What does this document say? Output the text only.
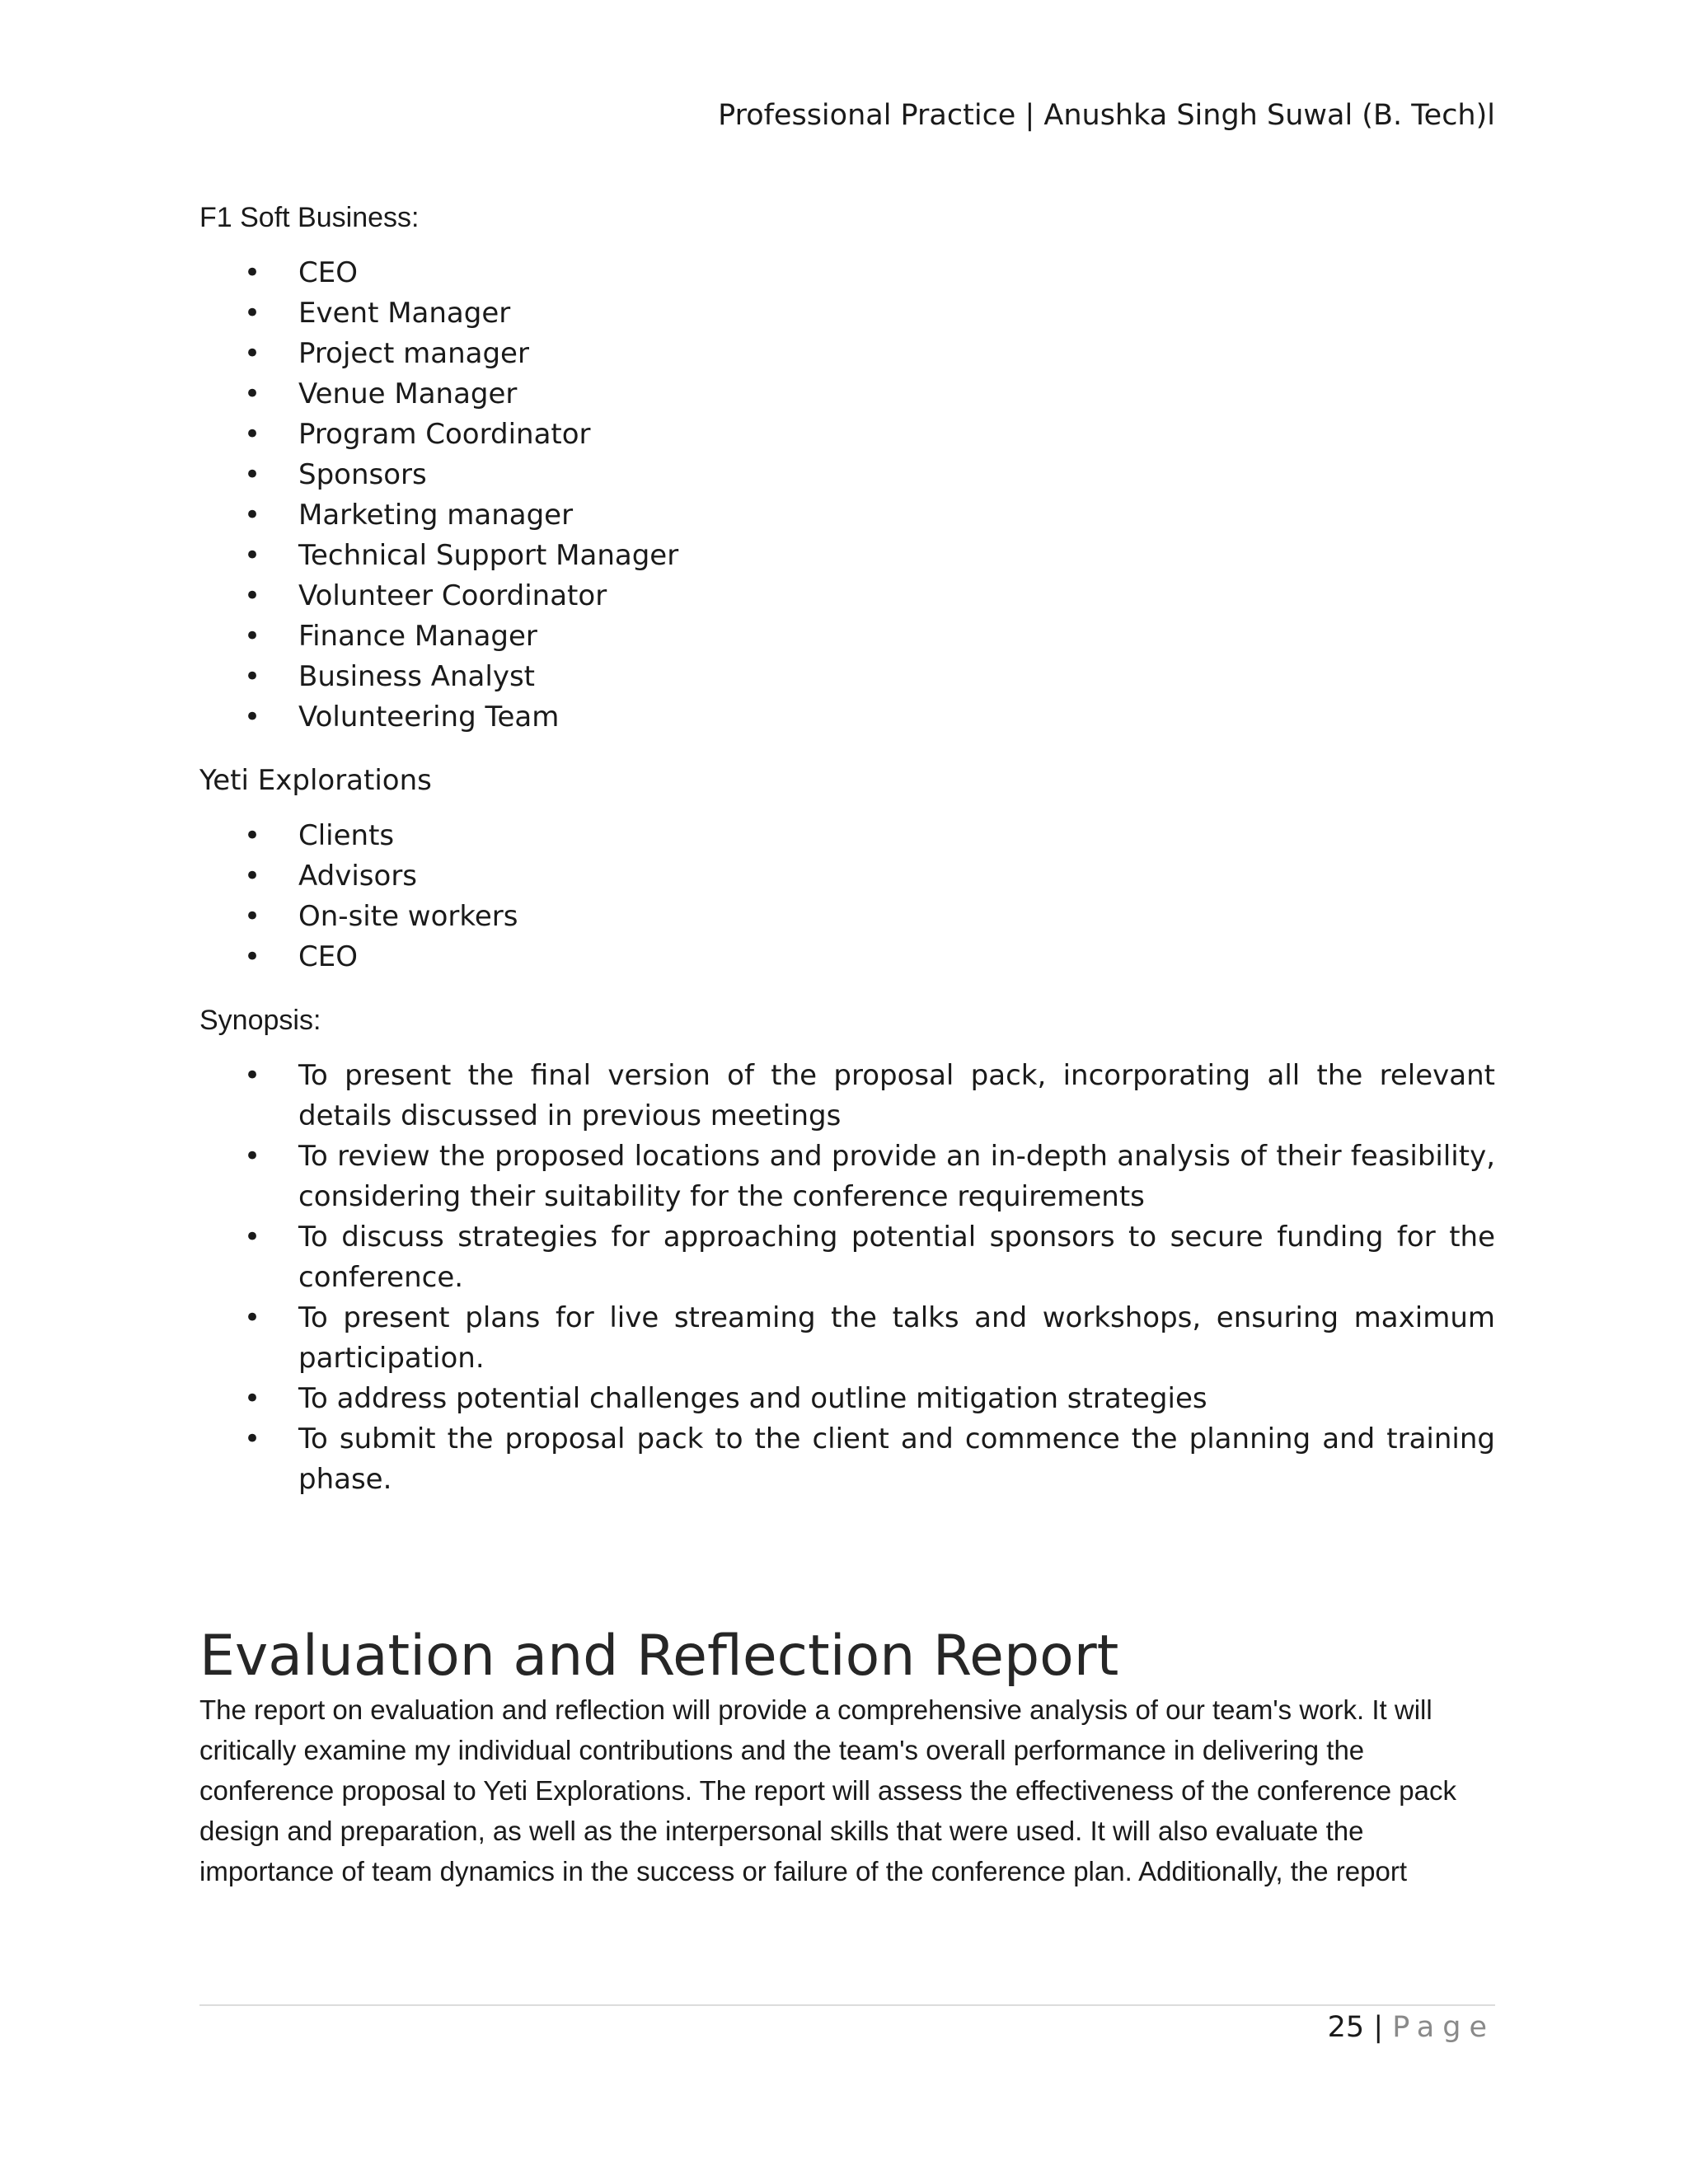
Professional Practice | Anushka Singh Suwal (B. Tech)l

F1 Soft Business:

• CEO
• Event Manager
• Project manager
• Venue Manager
• Program Coordinator
• Sponsors
• Marketing manager
• Technical Support Manager
• Volunteer Coordinator
• Finance Manager
• Business Analyst
• Volunteering Team

Yeti Explorations

• Clients
• Advisors
• On-site workers
• CEO

Synopsis:

• To present the final version of the proposal pack, incorporating all the relevant details discussed in previous meetings
• To review the proposed locations and provide an in-depth analysis of their feasibility, considering their suitability for the conference requirements
• To discuss strategies for approaching potential sponsors to secure funding for the conference.
• To present plans for live streaming the talks and workshops, ensuring maximum participation.
• To address potential challenges and outline mitigation strategies
• To submit the proposal pack to the client and commence the planning and training phase.
Evaluation and Reflection Report

The report on evaluation and reflection will provide a comprehensive analysis of our team's work. It will

critically examine my individual contributions and the team's overall performance in delivering the

conference proposal to Yeti Explorations. The report will assess the effectiveness of the conference pack

design and preparation, as well as the interpersonal skills that were used. It will also evaluate the

importance of team dynamics in the success or failure of the conference plan. Additionally, the report

25 | Page
